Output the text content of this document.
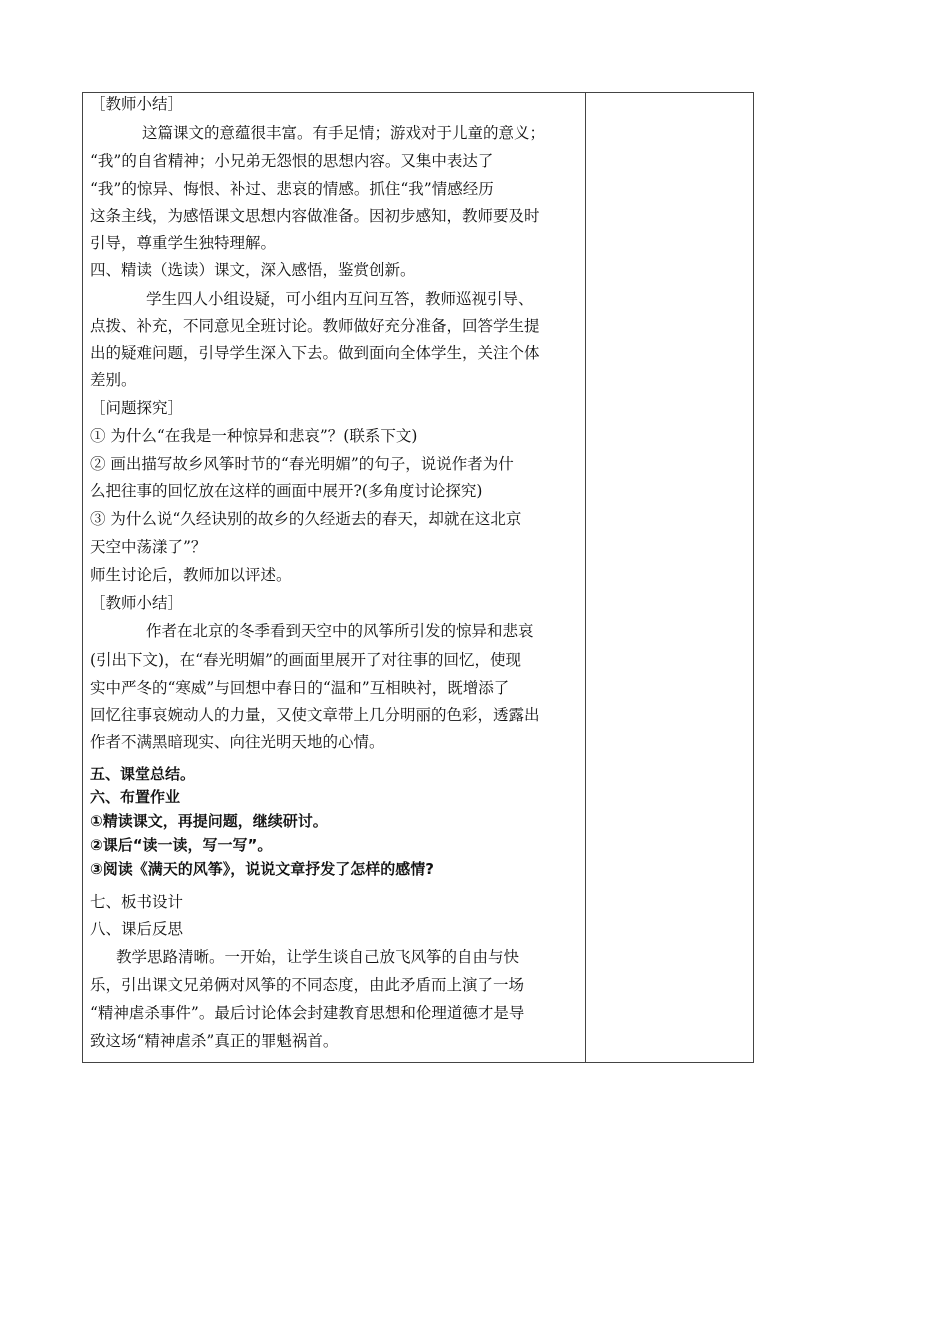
［教师小结］
这篇课文的意蕴很丰富。有手足情；游戏对于儿童的意义；
“我”的自省精神；小兄弟无怨恨的思想内容。又集中表达了
“我”的惊异、悔恨、补过、悲哀的情感。抓住“我”情感经历
这条主线，为感悟课文思想内容做准备。因初步感知，教师要及时
引导，尊重学生独特理解。
四、精读（选读）课文，深入感悟，鉴赏创新。
学生四人小组设疑，可小组内互问互答，教师巡视引导、
点拨、补充，不同意见全班讨论。教师做好充分准备，回答学生提
出的疑难问题，引导学生深入下去。做到面向全体学生，关注个体
差别。
［问题探究］
① 为什么“在我是一种惊异和悲哀”？(联系下文)
② 画出描写故乡风筝时节的“春光明媚”的句子，说说作者为什
么把往事的回忆放在这样的画面中展开?(多角度讨论探究)
③ 为什么说“久经诀别的故乡的久经逝去的春天，却就在这北京
天空中荡漾了”？
师生讨论后，教师加以评述。
［教师小结］
作者在北京的冬季看到天空中的风筝所引发的惊异和悲哀
(引出下文)，在“春光明媚”的画面里展开了对往事的回忆，使现
实中严冬的“寒威”与回想中春日的“温和”互相映衬，既增添了
回忆往事哀婉动人的力量，又使文章带上几分明丽的色彩，透露出
作者不满黑暗现实、向往光明天地的心情。
五、课堂总结。
六、布置作业
①精读课文，再提问题，继续研讨。
②课后“读一读，写一写”。
③阅读《满天的风筝》，说说文章抒发了怎样的感情?
七、板书设计
八、课后反思
教学思路清晰。一开始，让学生谈自己放飞风筝的自由与快
乐，引出课文兄弟俩对风筝的不同态度，由此矛盾而上演了一场
“精神虐杀事件”。最后讨论体会封建教育思想和伦理道德才是导
致这场“精神虐杀”真正的罪魁祸首。
